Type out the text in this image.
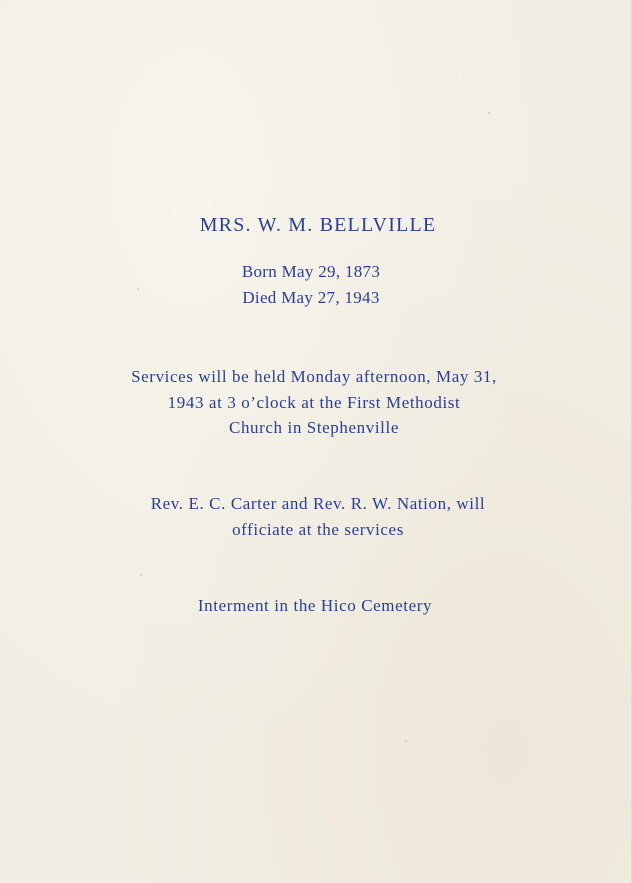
MRS. W. M. BELLVILLE

Born May 29, 1873

Died May 27, 1943

Services will be held Monday afternoon, May 31,

1943 at 3 o’clock at the First Methodist

Church in Stephenville

Rev. E. C. Carter and Rev. R. W. Nation, will

officiate at the services

Interment in the Hico Cemetery
